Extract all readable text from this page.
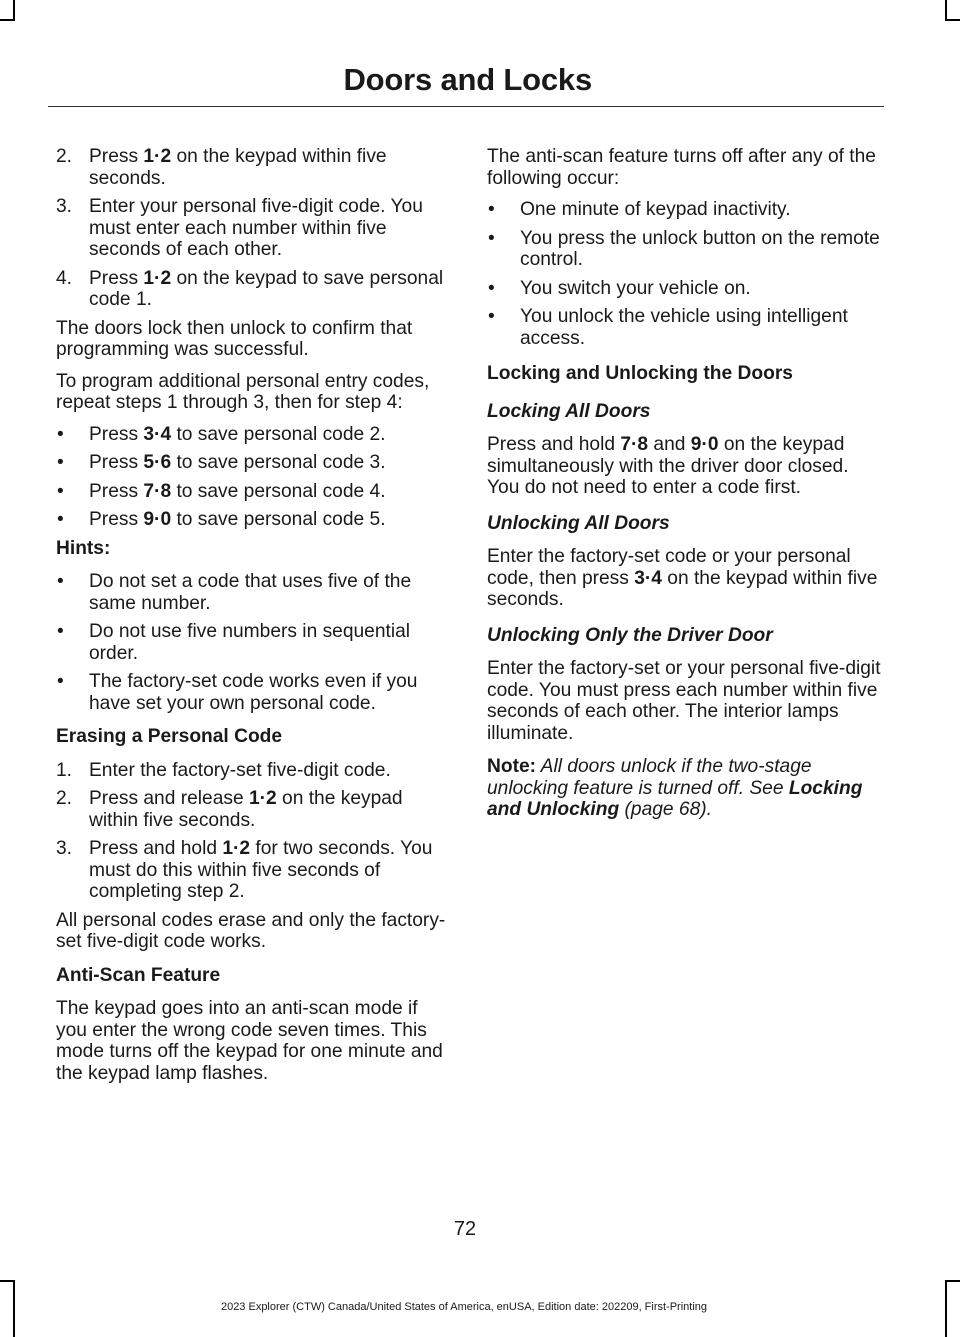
Doors and Locks
2. Press 1·2 on the keypad within five seconds.
3. Enter your personal five-digit code. You must enter each number within five seconds of each other.
4. Press 1·2 on the keypad to save personal code 1.

The doors lock then unlock to confirm that programming was successful.

To program additional personal entry codes, repeat steps 1 through 3, then for step 4:

• Press 3·4 to save personal code 2.
• Press 5·6 to save personal code 3.
• Press 7·8 to save personal code 4.
• Press 9·0 to save personal code 5.

Hints:

• Do not set a code that uses five of the same number.
• Do not use five numbers in sequential order.
• The factory-set code works even if you have set your own personal code.

Erasing a Personal Code

1. Enter the factory-set five-digit code.
2. Press and release 1·2 on the keypad within five seconds.
3. Press and hold 1·2 for two seconds. You must do this within five seconds of completing step 2.

All personal codes erase and only the factory-set five-digit code works.

Anti-Scan Feature

The keypad goes into an anti-scan mode if you enter the wrong code seven times. This mode turns off the keypad for one minute and the keypad lamp flashes.

The anti-scan feature turns off after any of the following occur:

• One minute of keypad inactivity.
• You press the unlock button on the remote control.
• You switch your vehicle on.
• You unlock the vehicle using intelligent access.

Locking and Unlocking the Doors

Locking All Doors

Press and hold 7·8 and 9·0 on the keypad simultaneously with the driver door closed. You do not need to enter a code first.

Unlocking All Doors

Enter the factory-set code or your personal code, then press 3·4 on the keypad within five seconds.

Unlocking Only the Driver Door

Enter the factory-set or your personal five-digit code. You must press each number within five seconds of each other. The interior lamps illuminate.

Note: All doors unlock if the two-stage unlocking feature is turned off. See Locking and Unlocking (page 68).

72
2023 Explorer (CTW) Canada/United States of America, enUSA, Edition date: 202209, First-Printing
